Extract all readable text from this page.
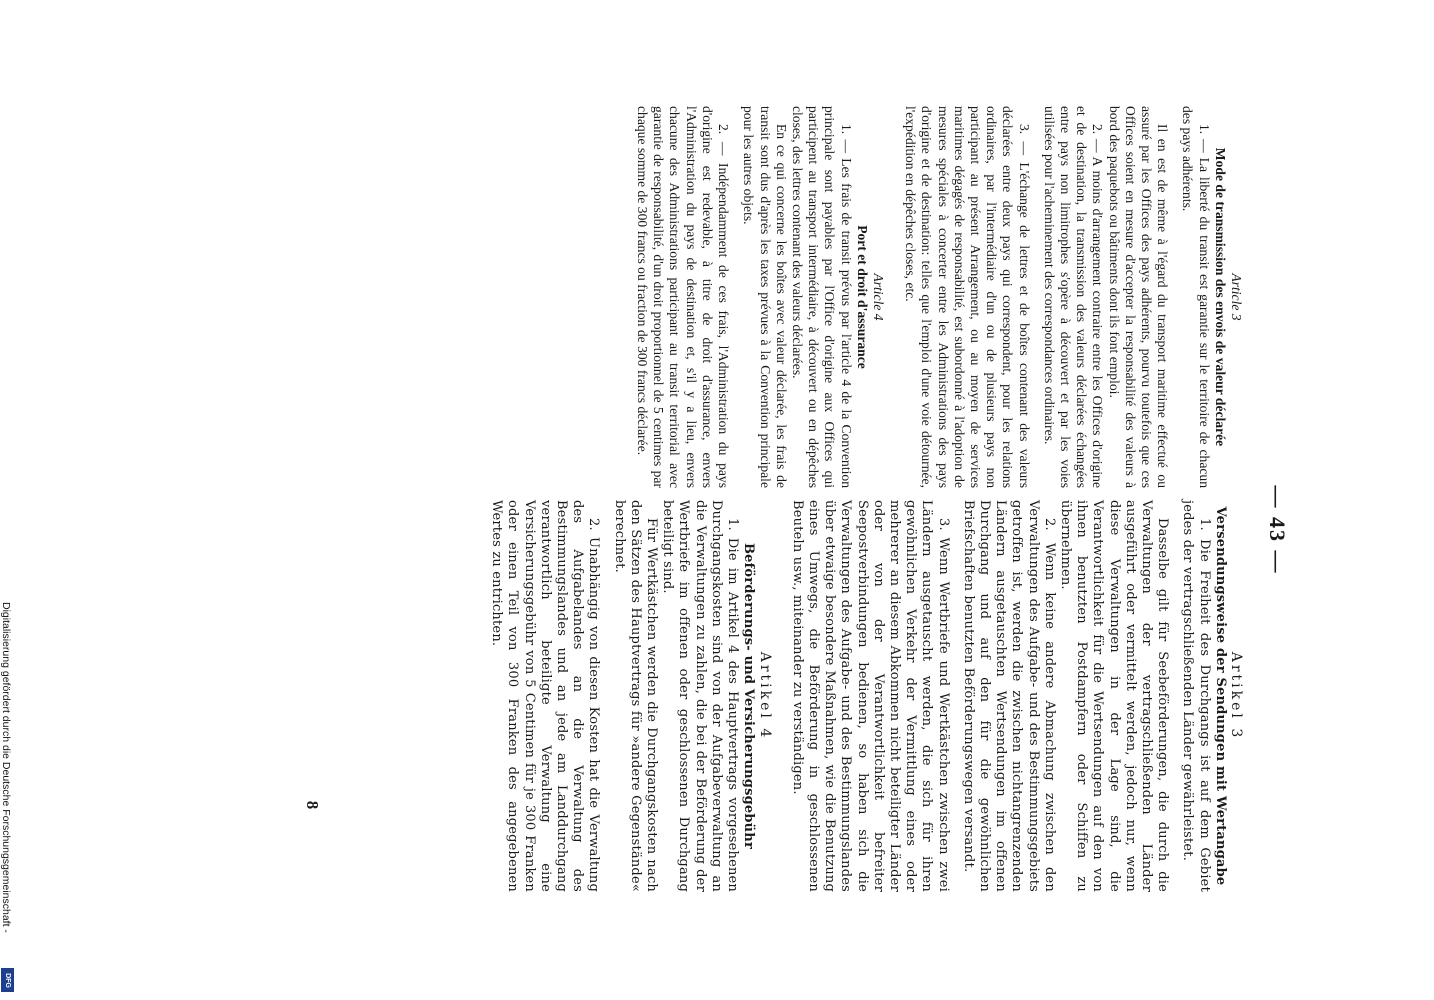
Digitalisierung gefördert durch die Deutsche Forschungsgemeinschaft -
DFG
— 43 —
8

Article 3

Mode de transmission des envois de valeur déclarée

1. — La liberté du transit est garantie sur le territoire de chacun des pays adhérents.

Il en est de même à l'égard du transport maritime effectué ou assuré par les Offices des pays adhérents, pourvu toutefois que ces Offices soient en mesure d'accepter la responsabilité des valeurs à bord des paquebots ou bâtiments dont ils font emploi.

2. — A moins d'arrangement contraire entre les Offices d'origine et de destination, la transmission des valeurs déclarées échangées entre pays non limitrophes s'opère à découvert et par les voies utilisées pour l'acheminement des correspondances ordinaires.

3. — L'échange de lettres et de boîtes contenant des valeurs déclarées entre deux pays qui correspondent, pour les relations ordinaires, par l'intermédiaire d'un ou de plusieurs pays non participant au présent Arrangement, ou au moyen de services maritimes dégagés de responsabilité, est subordonné à l'adoption de mesures spéciales à concerter entre les Administrations des pays d'origine et de destination: telles que l'emploi d'une voie détournée, l'expédition en dépêches closes, etc.

Article 4

Port et droit d'assurance

1. — Les frais de transit prévus par l'article 4 de la Convention principale sont payables par l'Office d'origine aux Offices qui participent au transport intermédiaire, à découvert ou en dépêches closes, des lettres contenant des valeurs déclarées.

En ce qui concerne les boîtes avec valeur déclarée, les frais de transit sont dus d'après les taxes prévues à la Convention principale pour les autres objets.

2. — Indépendamment de ces frais, l'Administration du pays d'origine est redevable, à titre de droit d'assurance, envers l'Administration du pays de destination et, s'il y a lieu, envers chacune des Administrations participant au transit territorial avec garantie de responsabilité, d'un droit proportionnel de 5 centimes par chaque somme de 300 francs ou fraction de 300 francs déclarée.

Artikel 3

Versendungsweise der Sendungen mit Wertangabe

1. Die Freiheit des Durchgangs ist auf dem Gebiet jedes der vertragschließenden Länder gewährleistet.

Dasselbe gilt für Seebeförderungen, die durch die Verwaltungen der vertragschließenden Länder ausgeführt oder vermittelt werden, jedoch nur, wenn diese Verwaltungen in der Lage sind, die Verantwortlichkeit für die Wertsendungen auf den von ihnen benutzten Postdampfern oder Schiffen zu übernehmen.

2. Wenn keine andere Abmachung zwischen den Verwaltungen des Aufgabe- und des Bestimmungsgebiets getroffen ist, werden die zwischen nichtangrenzenden Ländern ausgetauschten Wertsendungen im offenen Durchgang und auf den für die gewöhnlichen Briefschaften benutzten Beförderungswegen versandt.

3. Wenn Wertbriefe und Wertkästchen zwischen zwei Ländern ausgetauscht werden, die sich für ihren gewöhnlichen Verkehr der Vermittlung eines oder mehrerer an diesem Abkommen nicht beteiligter Länder oder von der Verantwortlichkeit befreiter Seepostverbindungen bedienen, so haben sich die Verwaltungen des Aufgabe- und des Bestimmungslandes über etwaige besondere Maßnahmen, wie die Benutzung eines Umwegs, die Beförderung in geschlossenen Beuteln usw., miteinander zu verständigen.

Artikel 4

Beförderungs- und Versicherungsgebühr

1. Die im Artikel 4 des Hauptvertrags vorgesehenen Durchgangskosten sind von der Aufgabeverwaltung an die Verwaltungen zu zahlen, die bei der Beförderung der Wertbriefe im offenen oder geschlossenen Durchgang beteiligt sind.

Für Wertkästchen werden die Durchgangskosten nach den Sätzen des Hauptvertrags für »andere Gegenstände« berechnet.

2. Unabhängig von diesen Kosten hat die Verwaltung des Aufgabelandes an die Verwaltung des Bestimmungslandes und an jede am Landdurchgang verantwortlich beteiligte Verwaltung eine Versicherungsgebühr von 5 Centimen für je 300 Franken oder einen Teil von 300 Franken des angegebenen Wertes zu entrichten.
